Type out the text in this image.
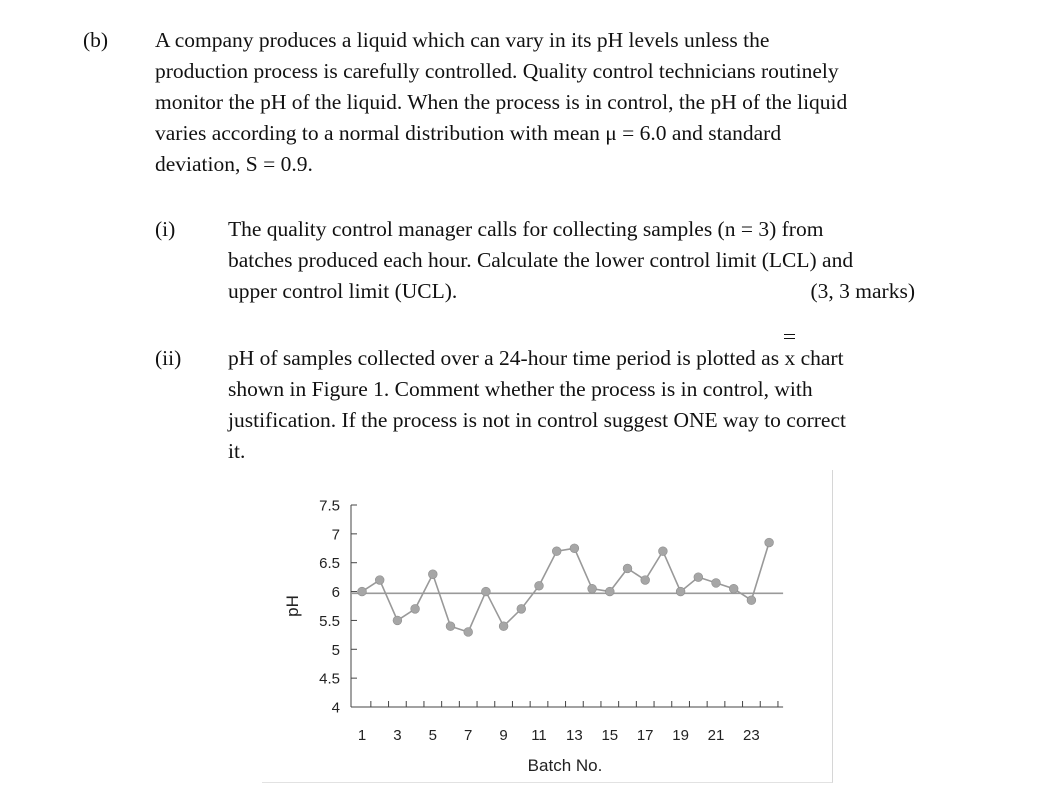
(b) A company produces a liquid which can vary in its pH levels unless the
production process is carefully controlled. Quality control technicians routinely
monitor the pH of the liquid. When the process is in control, the pH of the liquid
varies according to a normal distribution with mean μ = 6.0 and standard
deviation, S = 0.9.
(i) The quality control manager calls for collecting samples (n = 3) from
batches produced each hour. Calculate the lower control limit (LCL) and
upper control limit (UCL).	(3, 3 marks)
(ii) pH of samples collected over a 24-hour time period is plotted as x chart
shown in Figure 1. Comment whether the process is in control, with
justification. If the process is not in control suggest ONE way to correct
it.
4
4.5
5
5.5
6
6.5
7
7.5
1 3 5 7 9 11 13 15 17 19 21 23
pH
Batch No.
